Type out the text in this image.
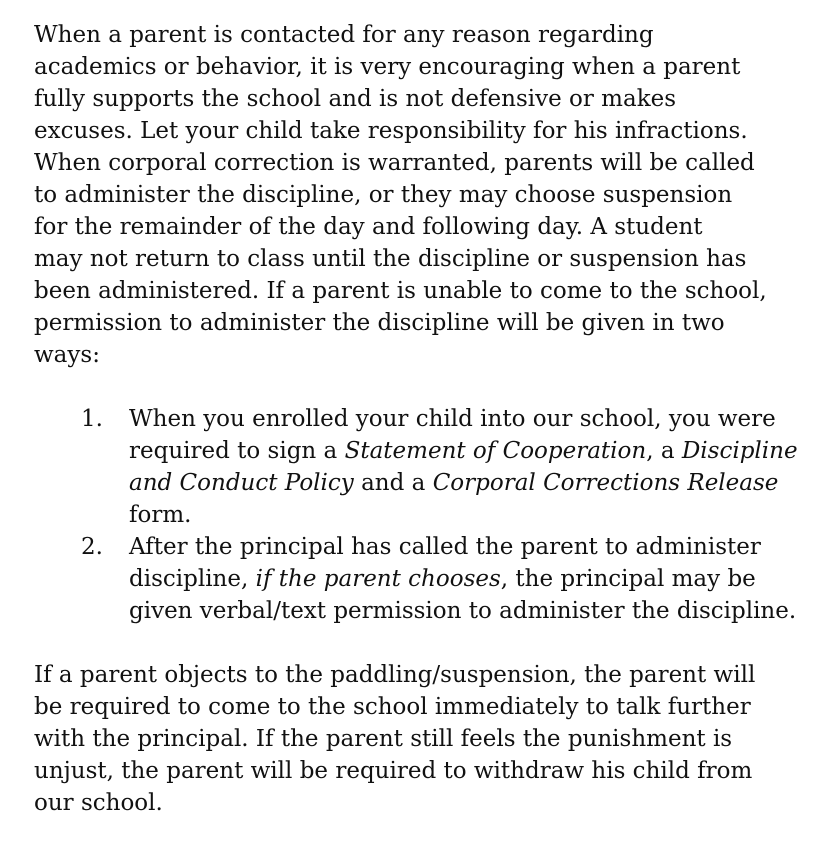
When a parent is contacted for any reason regarding
academics or behavior, it is very encouraging when a parent
fully supports the school and is not defensive or makes
excuses. Let your child take responsibility for his infractions.
When corporal correction is warranted, parents will be called
to administer the discipline, or they may choose suspension
for the remainder of the day and following day. A student
may not return to class until the discipline or suspension has
been administered. If a parent is unable to come to the school,
permission to administer the discipline will be given in two
ways:

1. When you enrolled your child into our school, you were required to sign a Statement of Cooperation, a Discipline and Conduct Policy and a Corporal Corrections Release form.
2. After the principal has called the parent to administer discipline, if the parent chooses, the principal may be given verbal/text permission to administer the discipline.

If a parent objects to the paddling/suspension, the parent will
be required to come to the school immediately to talk further
with the principal. If the parent still feels the punishment is
unjust, the parent will be required to withdraw his child from
our school.
